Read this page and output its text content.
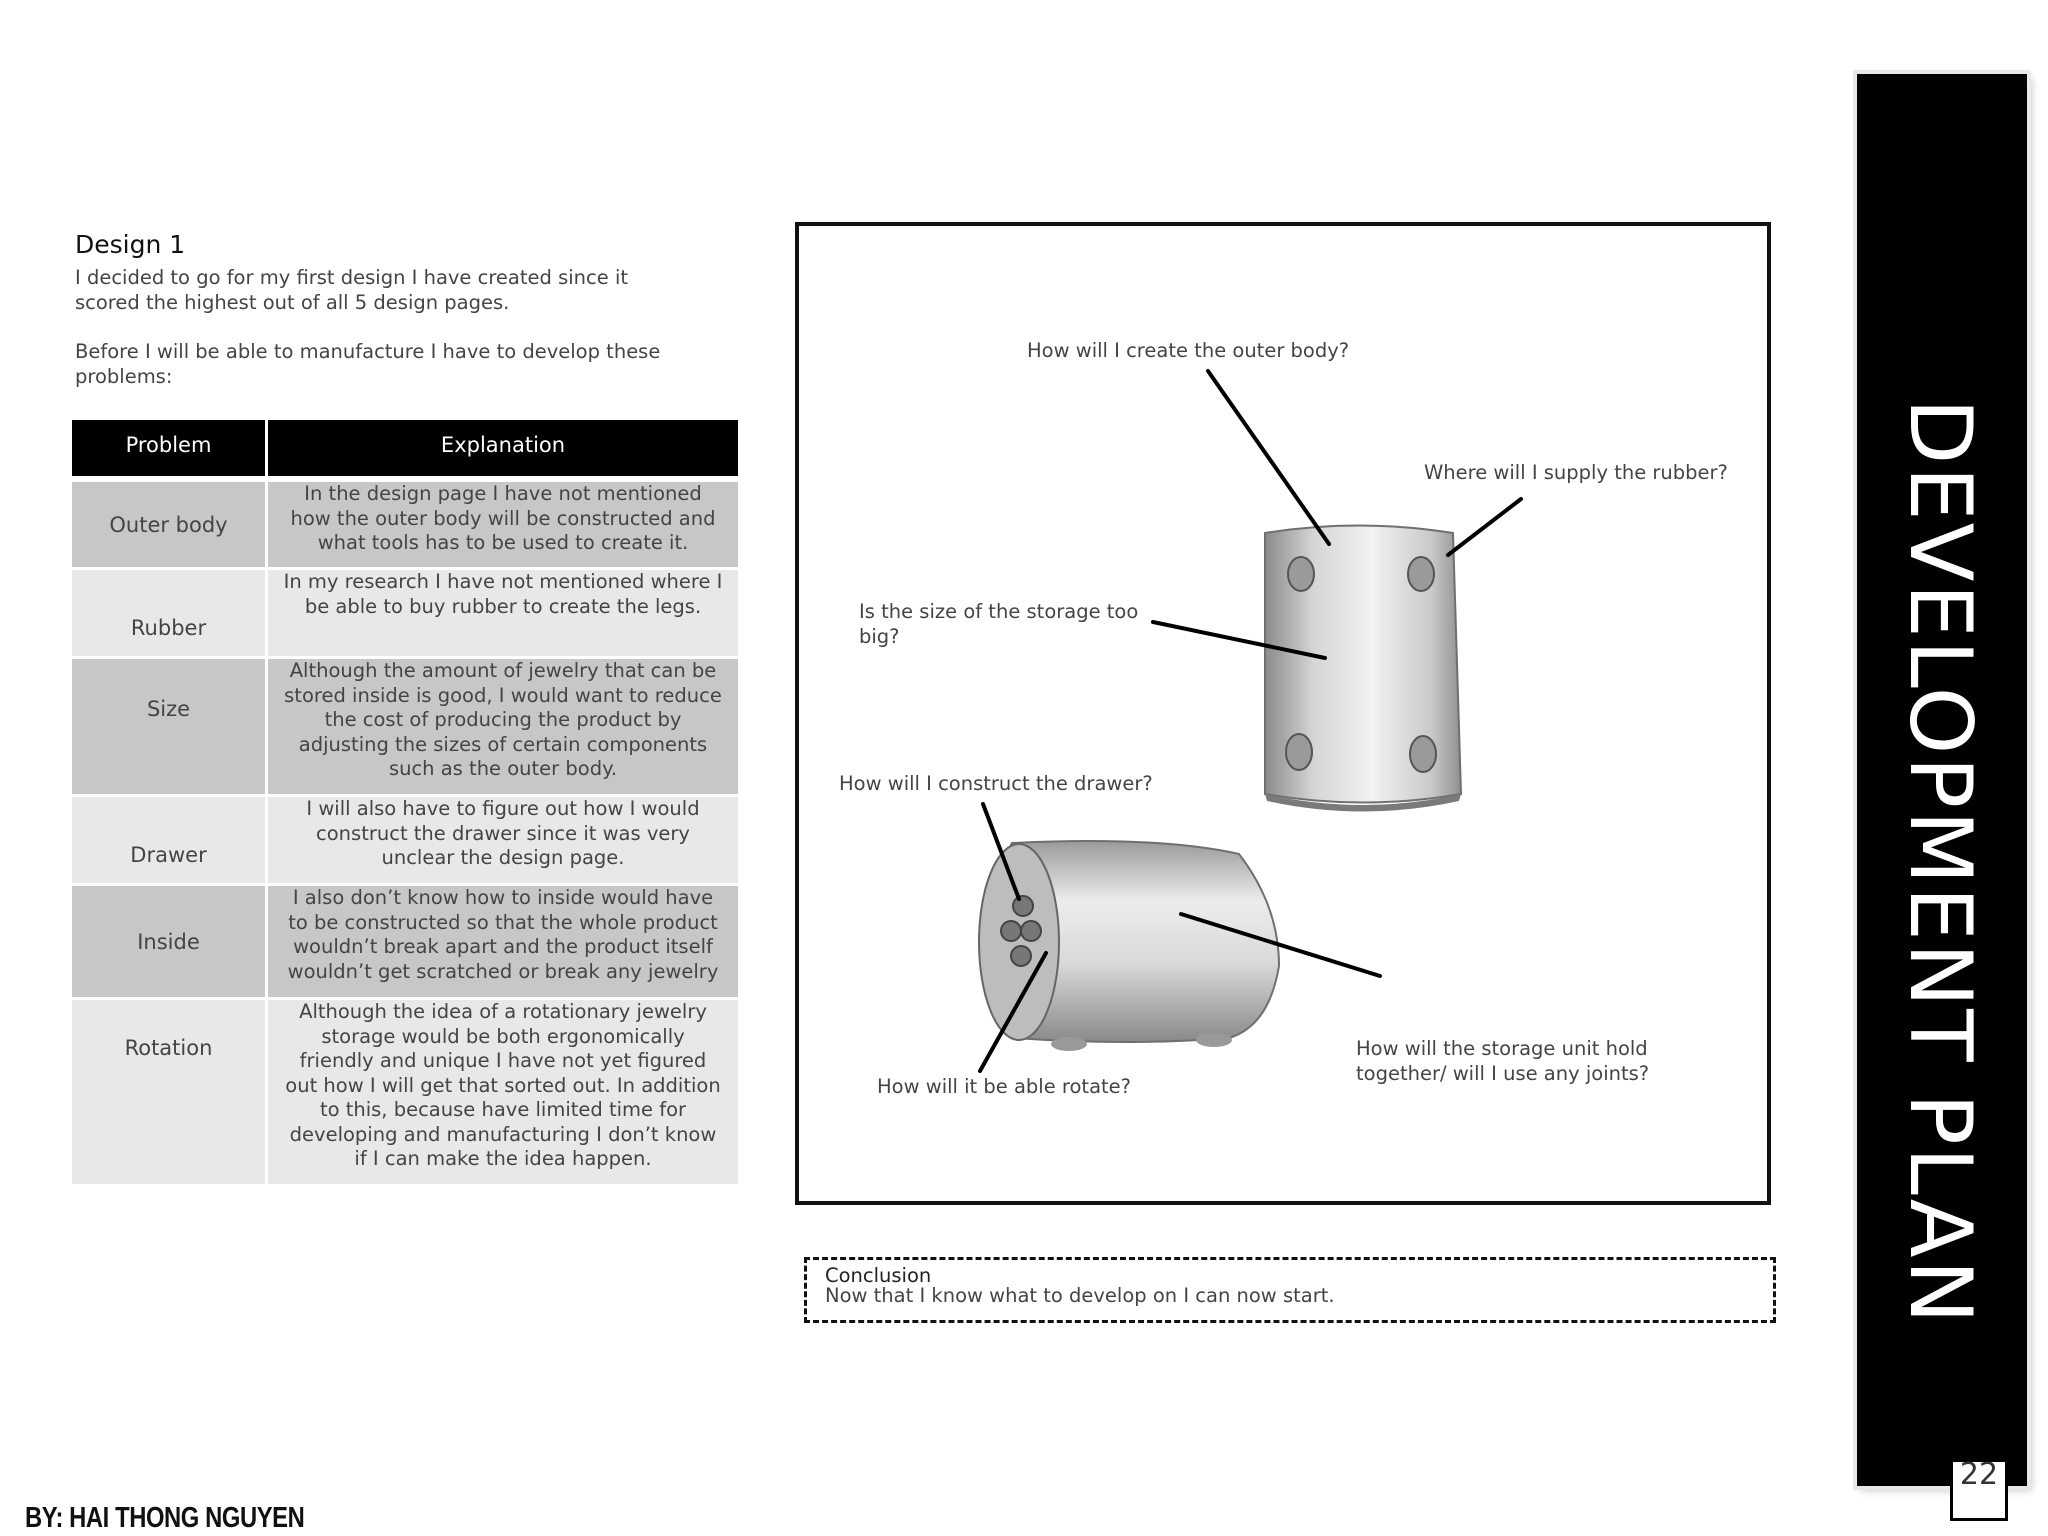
Design 1

I decided to go for my first design I have created since it scored the highest out of all 5 design pages.

Before I will be able to manufacture I have to develop these problems:

Problem	Explanation
Outer body
In the design page I have not mentioned how the outer body will be constructed and what tools has to be used to create it.
Rubber
In my research I have not mentioned where I be able to buy rubber to create the legs.
Size
Although the amount of jewelry that can be stored inside is good, I would want to reduce the cost of producing the product by adjusting the sizes of certain components such as the outer body.
Drawer
I will also have to figure out how I would construct the drawer since it was very unclear the design page.
Inside
I also don’t know how to inside would have to be constructed so that the whole product wouldn’t break apart and the product itself wouldn’t get scratched or break any jewelry
Rotation
Although the idea of a rotationary jewelry storage would be both ergonomically friendly and unique I have not yet figured out how I will get that sorted out. In addition to this, because have limited time for developing and manufacturing I don’t know if I can make the idea happen.
How will I create the outer body?
Where will I supply the rubber?
Is the size of the storage too big?
How will I construct the drawer?
How will it be able rotate?
How will the storage unit hold together/ will I use any joints?
Conclusion
Now that I know what to develop on I can now start.	DEVELOPMENT PLAN
22
BY: HAI THONG NGUYEN
